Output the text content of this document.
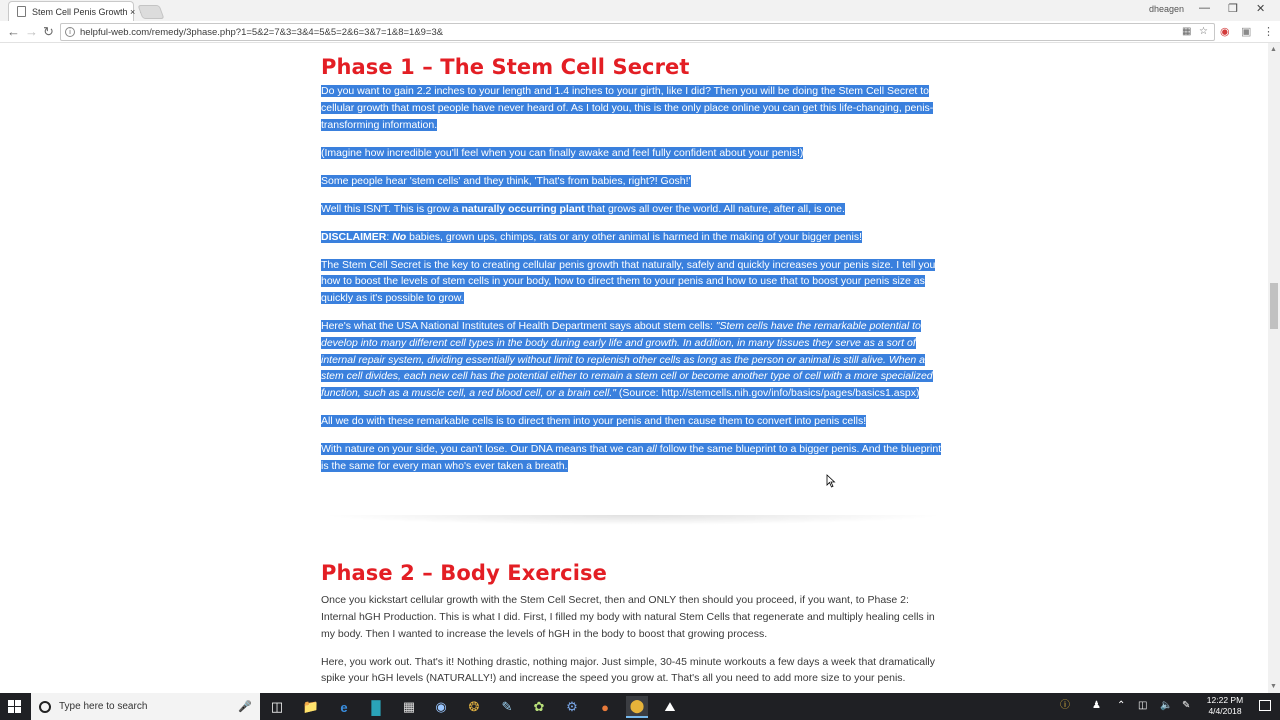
Stem Cell Penis Growth ×	dheagen — ❐ ✕
← → ↻	i helpful-web.com/remedy/3phase.php?1=5&2=7&3=3&4=5&5=2&6=3&7=1&8=1&9=3&	▦ ☆ ◉ ▣ ⋮
Phase 1 – The Stem Cell Secret

Do you want to gain 2.2 inches to your length and 1.4 inches to your girth, like I did? Then you will be doing the Stem Cell Secret to cellular growth that most people have never heard of. As I told you, this is the only place online you can get this life-changing, penis-transforming information.

(Imagine how incredible you'll feel when you can finally awake and feel fully confident about your penis!)

Some people hear 'stem cells' and they think, 'That's from babies, right?! Gosh!'

Well this ISN'T. This is grow a naturally occurring plant that grows all over the world. All nature, after all, is one.

DISCLAIMER: No babies, grown ups, chimps, rats or any other animal is harmed in the making of your bigger penis!

The Stem Cell Secret is the key to creating cellular penis growth that naturally, safely and quickly increases your penis size. I tell you how to boost the levels of stem cells in your body, how to direct them to your penis and how to use that to boost your penis size as quickly as it's possible to grow.

Here's what the USA National Institutes of Health Department says about stem cells: "Stem cells have the remarkable potential to develop into many different cell types in the body during early life and growth. In addition, in many tissues they serve as a sort of internal repair system, dividing essentially without limit to replenish other cells as long as the person or animal is still alive. When a stem cell divides, each new cell has the potential either to remain a stem cell or become another type of cell with a more specialized function, such as a muscle cell, a red blood cell, or a brain cell." (Source: http://stemcells.nih.gov/info/basics/pages/basics1.aspx)

All we do with these remarkable cells is to direct them into your penis and then cause them to convert into penis cells!

With nature on your side, you can't lose. Our DNA means that we can all follow the same blueprint to a bigger penis. And the blueprint is the same for every man who's ever taken a breath.

Phase 2 – Body Exercise

Once you kickstart cellular growth with the Stem Cell Secret, then and ONLY then should you proceed, if you want, to Phase 2: Internal hGH Production. This is what I did. First, I filled my body with natural Stem Cells that regenerate and multiply healing cells in my body. Then I wanted to increase the levels of hGH in the body to boost that growing process.

Here, you work out. That's it! Nothing drastic, nothing major. Just simple, 30-45 minute workouts a few days a week that dramatically spike your hGH levels (NATURALLY!) and increase the speed you grow at. That's all you need to add more size to your penis.

▲
▼
Type here to search	🎤	◫	📁	e	█	▦	◉	❂	✎	✿	⚙	●	⬤	⛰	ⓘ ♟ ⌃ ◫ 🔈 ✎	12:22 PM
4/4/2018
